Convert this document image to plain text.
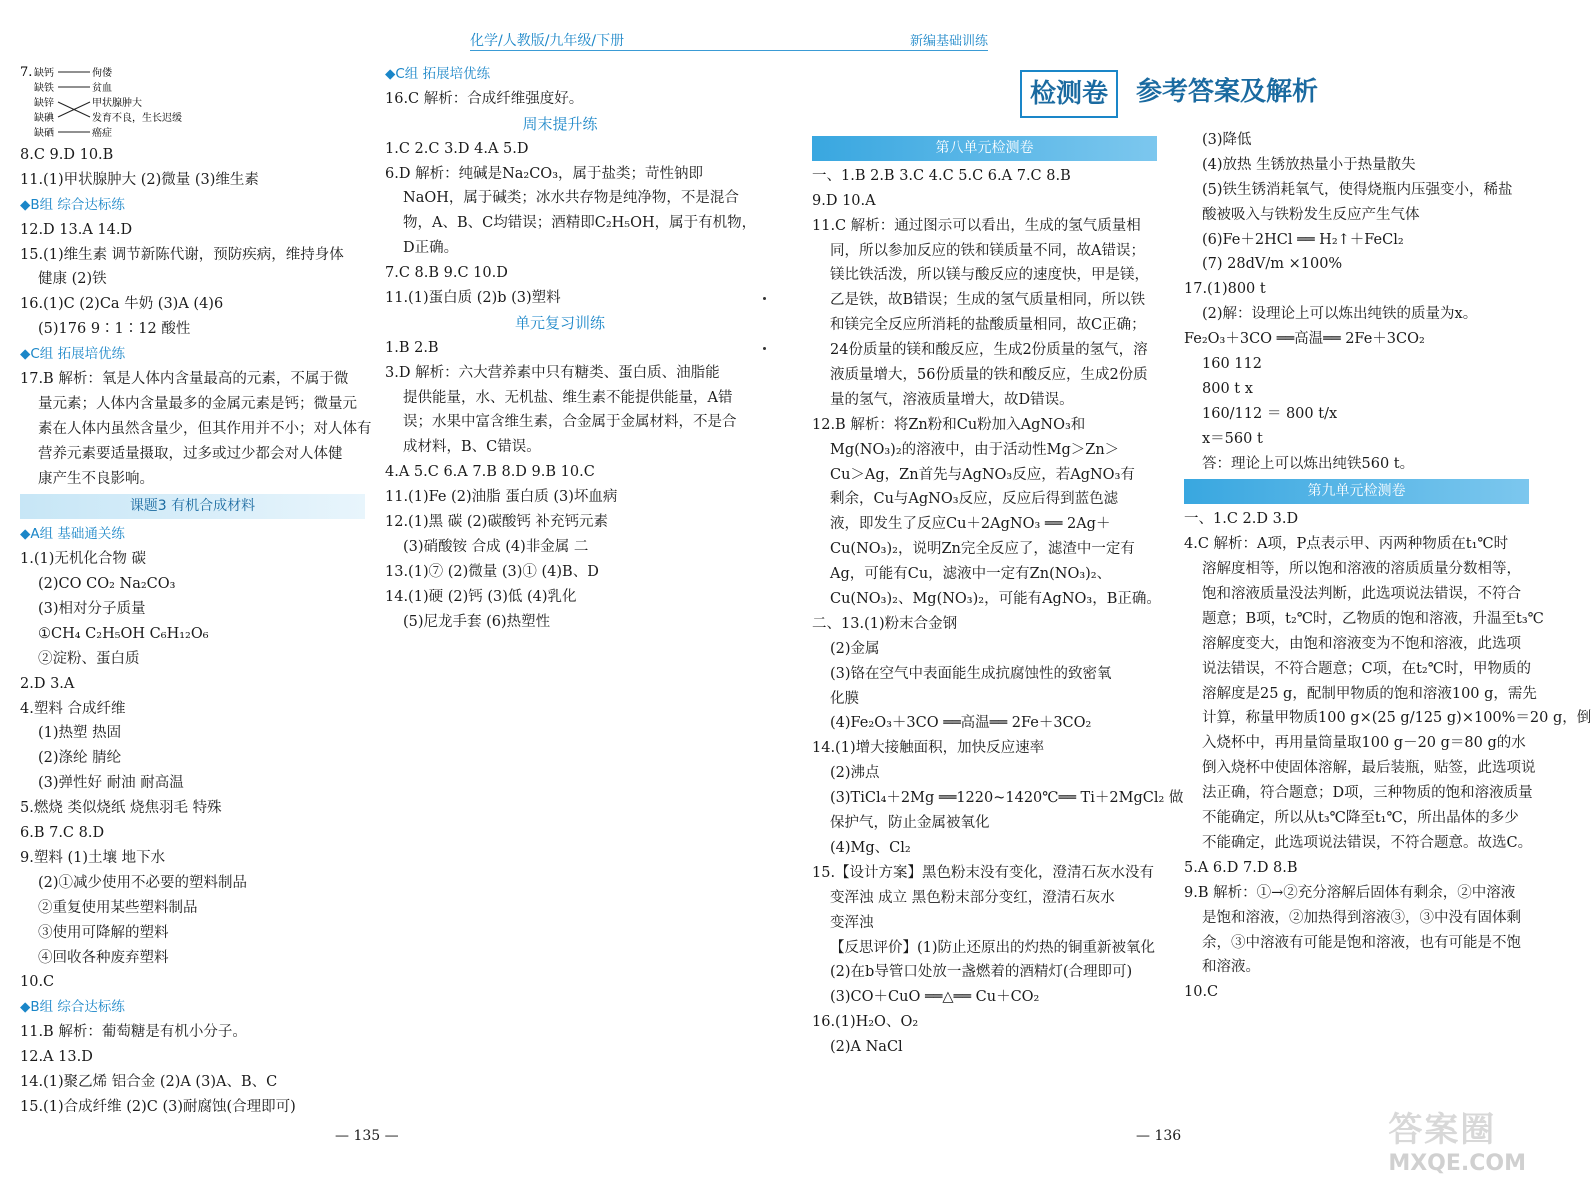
化学/人教版/九年级/下册
7. 缺钙
缺铁
缺锌
缺碘
缺硒
佝偻
贫血
甲状腺肿大
发育不良，生长迟缓
癌症
8.C 9.D 10.B
11.(1)甲状腺肿大 (2)微量 (3)维生素
◆B组 综合达标练
12.D 13.A 14.D
15.(1)维生素 调节新陈代谢，预防疾病，维持身体
健康 (2)铁
16.(1)C (2)Ca 牛奶 (3)A (4)6
(5)176 9∶1∶12 酸性
◆C组 拓展培优练
17.B 解析：氧是人体内含量最高的元素，不属于微
量元素；人体内含量最多的金属元素是钙；微量元
素在人体内虽然含量少，但其作用并不小；对人体有
营养元素要适量摄取，过多或过少都会对人体健
康产生不良影响。
课题3 有机合成材料
◆A组 基础通关练
1.(1)无机化合物 碳
(2)CO CO₂ Na₂CO₃
(3)相对分子质量
①CH₄ C₂H₅OH C₆H₁₂O₆
②淀粉、蛋白质
2.D 3.A
4.塑料 合成纤维
(1)热塑 热固
(2)涤纶 腈纶
(3)弹性好 耐油 耐高温
5.燃烧 类似烧纸 烧焦羽毛 特殊
6.B 7.C 8.D
9.塑料 (1)土壤 地下水
(2)①减少使用不必要的塑料制品
②重复使用某些塑料制品
③使用可降解的塑料
④回收各种废弃塑料
10.C
◆B组 综合达标练
11.B 解析：葡萄糖是有机小分子。
12.A 13.D
14.(1)聚乙烯 铝合金 (2)A (3)A、B、C
15.(1)合成纤维 (2)C (3)耐腐蚀(合理即可)
◆C组 拓展培优练
16.C 解析：合成纤维强度好。
周末提升练
1.C 2.C 3.D 4.A 5.D
6.D 解析：纯碱是Na₂CO₃，属于盐类；苛性钠即
NaOH，属于碱类；冰水共存物是纯净物，不是混合
物，A、B、C均错误；酒精即C₂H₅OH，属于有机物，
D正确。
7.C 8.B 9.C 10.D
11.(1)蛋白质 (2)b (3)塑料
单元复习训练
1.B 2.B
3.D 解析：六大营养素中只有糖类、蛋白质、油脂能
提供能量，水、无机盐、维生素不能提供能量，A错
误；水果中富含维生素，合金属于金属材料，不是合
成材料，B、C错误。
4.A 5.C 6.A 7.B 8.D 9.B 10.C
11.(1)Fe (2)油脂 蛋白质 (3)坏血病
12.(1)黑 碳 (2)碳酸钙 补充钙元素
(3)硝酸铵 合成 (4)非金属 二
13.(1)⑦ (2)微量 (3)① (4)B、D
14.(1)硬 (2)钙 (3)低 (4)乳化
(5)尼龙手套 (6)热塑性
— 135 —
新编基础训练
检测卷	参考答案及解析
第八单元检测卷
一、1.B 2.B 3.C 4.C 5.C 6.A 7.C 8.B
9.D 10.A
11.C 解析：通过图示可以看出，生成的氢气质量相
同，所以参加反应的铁和镁质量不同，故A错误；
镁比铁活泼，所以镁与酸反应的速度快，甲是镁，
乙是铁，故B错误；生成的氢气质量相同，所以铁
和镁完全反应所消耗的盐酸质量相同，故C正确；
24份质量的镁和酸反应，生成2份质量的氢气，溶
液质量增大，56份质量的铁和酸反应，生成2份质
量的氢气，溶液质量增大，故D错误。
12.B 解析：将Zn粉和Cu粉加入AgNO₃和
Mg(NO₃)₂的溶液中，由于活动性Mg＞Zn＞
Cu＞Ag，Zn首先与AgNO₃反应，若AgNO₃有
剩余，Cu与AgNO₃反应，反应后得到蓝色滤
液，即发生了反应Cu＋2AgNO₃ ══ 2Ag＋
Cu(NO₃)₂，说明Zn完全反应了，滤渣中一定有
Ag，可能有Cu，滤液中一定有Zn(NO₃)₂、
Cu(NO₃)₂、Mg(NO₃)₂，可能有AgNO₃，B正确。
二、13.(1)粉末合金钢
(2)金属
(3)铬在空气中表面能生成抗腐蚀性的致密氧
化膜
(4)Fe₂O₃＋3CO ══高温══ 2Fe＋3CO₂
14.(1)增大接触面积，加快反应速率
(2)沸点
(3)TiCl₄＋2Mg ══1220~1420℃══ Ti＋2MgCl₂ 做
保护气，防止金属被氧化
(4)Mg、Cl₂
15.【设计方案】黑色粉末没有变化，澄清石灰水没有
变浑浊 成立 黑色粉末部分变红，澄清石灰水
变浑浊
【反思评价】(1)防止还原出的灼热的铜重新被氧化
(2)在b导管口处放一盏燃着的酒精灯(合理即可)
(3)CO＋CuO ══△══ Cu＋CO₂
16.(1)H₂O、O₂
(2)A NaCl
(3)降低
(4)放热 生锈放热量小于热量散失
(5)铁生锈消耗氧气，使得烧瓶内压强变小，稀盐
酸被吸入与铁粉发生反应产生气体
(6)Fe＋2HCl ══ H₂↑＋FeCl₂
(7) 28dV/m ×100%
17.(1)800 t
(2)解：设理论上可以炼出纯铁的质量为x。
Fe₂O₃＋3CO ══高温══ 2Fe＋3CO₂
160 112
800 t x
160/112 ＝ 800 t/x
x＝560 t
答：理论上可以炼出纯铁560 t。
第九单元检测卷
一、1.C 2.D 3.D
4.C 解析：A项，P点表示甲、丙两种物质在t₁℃时
溶解度相等，所以饱和溶液的溶质质量分数相等，
饱和溶液质量没法判断，此选项说法错误，不符合
题意；B项，t₂℃时，乙物质的饱和溶液，升温至t₃℃
溶解度变大，由饱和溶液变为不饱和溶液，此选项
说法错误，不符合题意；C项，在t₂℃时，甲物质的
溶解度是25 g，配制甲物质的饱和溶液100 g，需先
计算，称量甲物质100 g×(25 g/125 g)×100%＝20 g，倒
入烧杯中，再用量筒量取100 g－20 g＝80 g的水
倒入烧杯中使固体溶解，最后装瓶，贴签，此选项说
法正确，符合题意；D项，三种物质的饱和溶液质量
不能确定，所以从t₃℃降至t₁℃，所出晶体的多少
不能确定，此选项说法错误，不符合题意。故选C。
5.A 6.D 7.D 8.B
9.B 解析：①→②充分溶解后固体有剩余，②中溶液
是饱和溶液，②加热得到溶液③，③中没有固体剩
余，③中溶液有可能是饱和溶液，也有可能是不饱
和溶液。
10.C
— 136	答案圈
MXQE.COM
